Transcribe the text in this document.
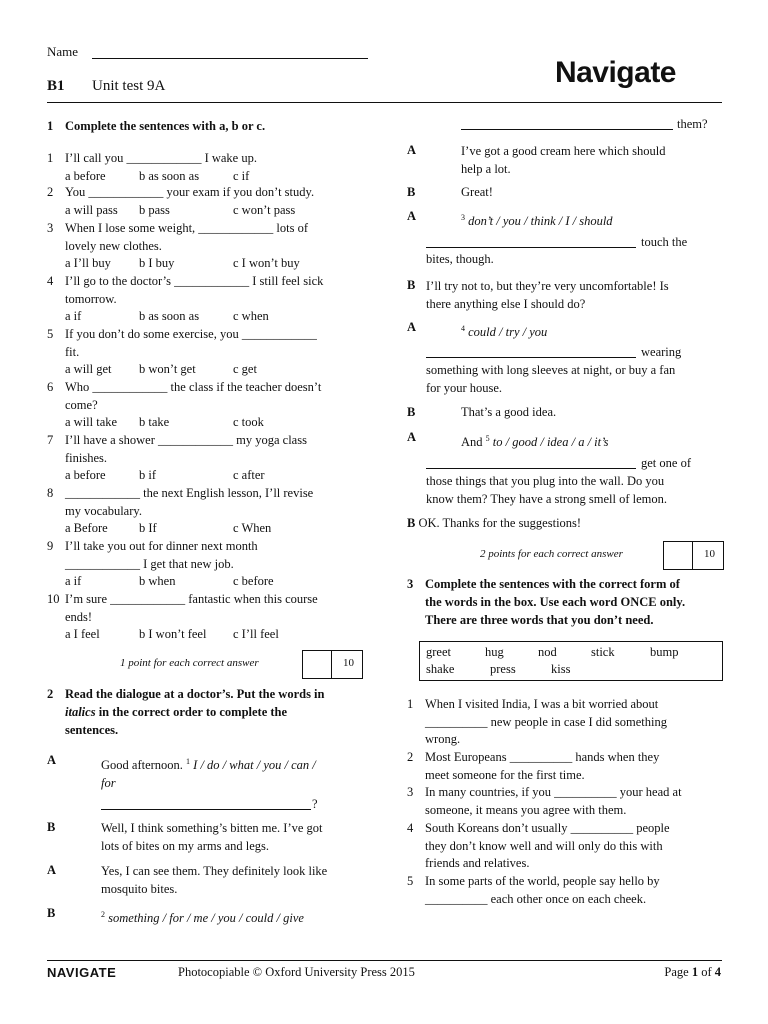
Name
B1 Unit test 9A	Navigate
1 Complete the sentences with a, b or c.
1 I’ll call you ____________ I wake up.
a before	b as soon as	c if
2 You ____________ your exam if you don’t study.
a will pass b pass	c won’t pass
3 When I lose some weight, ____________ lots of
lovely new clothes.
a I’ll buy b I buy	c I won’t buy
4 I’ll go to the doctor’s ____________ I still feel sick
tomorrow.
a if	b as soon as	c when
5 If you don’t do some exercise, you ____________
fit.
a will get b won’t get	c get
6 Who ____________ the class if the teacher doesn’t
come?
a will take b take	c took
7 I’ll have a shower ____________ my yoga class
finishes.
a before	b if	c after
8 ____________ the next English lesson, I’ll revise
my vocabulary.
a Before	b If	c When
9 I’ll take you out for dinner next month
____________ I get that new job.
a if	b when	c before
10 I’m sure ____________ fantastic when this course
ends!
a I feel	b I won’t feel c I’ll feel
1 point for each correct answer	10
2 Read the dialogue at a doctor’s. Put the words in
italics in the correct order to complete the
sentences.
A	Good afternoon. $^1$ I / do / what / you / can /
for
?
B	Well, I think something’s bitten me. I’ve got
lots of bites on my arms and legs.
A	Yes, I can see them. They definitely look like
mosquito bites.
B	$^2$ something / for / me / you / could / give
them?
A	I’ve got a good cream here which should
help a lot.
B	Great!
A	$^3$ don’t / you / think / I / should
touch the
bites, though.
B I’ll try not to, but they’re very uncomfortable! Is
there anything else I should do?
A	$^4$ could / try / you
wearing
something with long sleeves at night, or buy a fan
for your house.
B	That’s a good idea.
A	And $^5$ to / good / idea / a / it’s
get one of
those things that you plug into the wall. Do you
know them? They have a strong smell of lemon.
B OK. Thanks for the suggestions!
2 points for each correct answer	10
3 Complete the sentences with the correct form of
the words in the box. Use each word ONCE only.
There are three words that you don’t need.
greet	hug	nod	stick	bump
shake	press	kiss
1 When I visited India, I was a bit worried about
__________ new people in case I did something
wrong.
2 Most Europeans __________ hands when they
meet someone for the first time.
3 In many countries, if you __________ your head at
someone, it means you agree with them.
4 South Koreans don’t usually __________ people
they don’t know well and will only do this with
friends and relatives.
5 In some parts of the world, people say hello by
__________ each other once on each cheek.
NAVIGATE	Photocopiable © Oxford University Press 2015	Page 1 of 4
